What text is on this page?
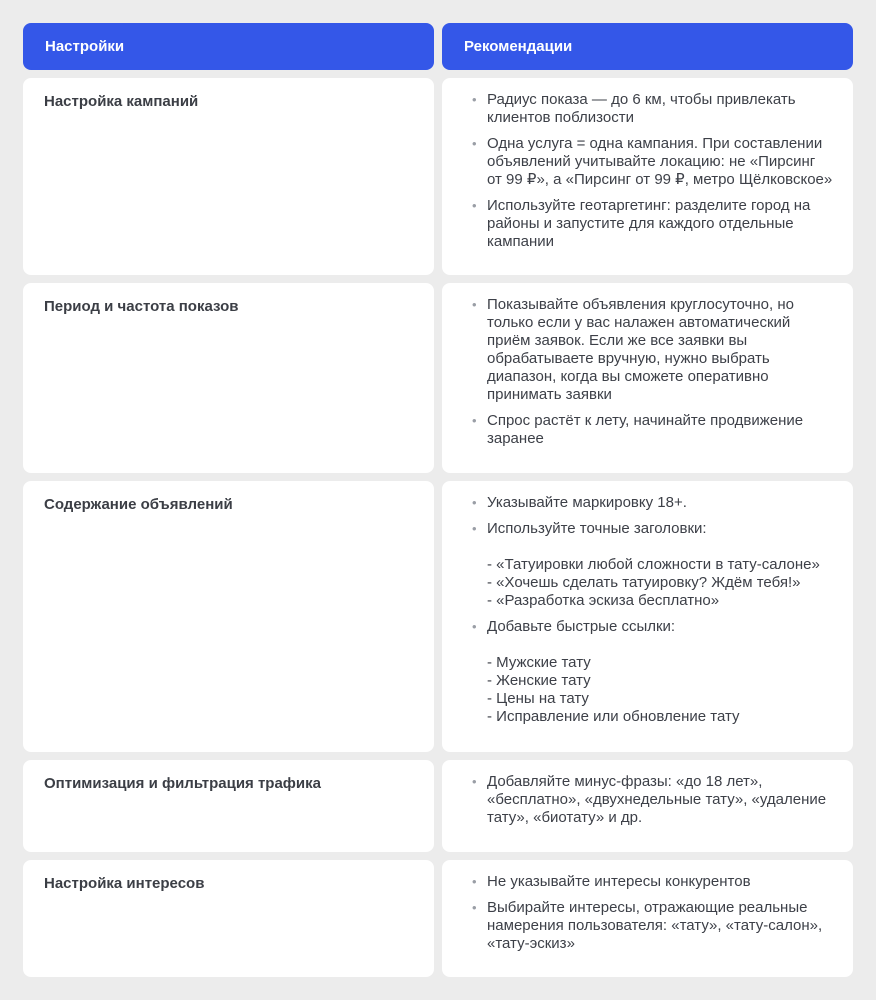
Настройки	Рекомендации
Настройка кампаний	• Радиус показа — до 6 км, чтобы привлекать клиентов поблизости
• Одна услуга = одна кампания. При составлении объявлений учитывайте локацию: не «Пирсинг от 99 ₽», а «Пирсинг от 99 ₽, метро Щёлковское»
• Используйте геотаргетинг: разделите город на районы и запустите для каждого отдельные кампании
Период и частота показов	• Показывайте объявления круглосуточно, но только если у вас налажен автоматический приём заявок. Если же все заявки вы обрабатываете вручную, нужно выбрать диапазон, когда вы сможете оперативно принимать заявки
• Спрос растёт к лету, начинайте продвижение заранее
Содержание объявлений	• Указывайте маркировку 18+.
• Используйте точные заголовки:
- «Татуировки любой сложности в тату-салоне»
- «Хочешь сделать татуировку? Ждём тебя!»
- «Разработка эскиза бесплатно»
• Добавьте быстрые ссылки:
- Мужские тату
- Женские тату
- Цены на тату
- Исправление или обновление тату
Оптимизация и фильтрация трафика	• Добавляйте минус-фразы: «до 18 лет», «бесплатно», «двухнедельные тату», «удаление тату», «биотату» и др.
Настройка интересов	• Не указывайте интересы конкурентов
• Выбирайте интересы, отражающие реальные намерения пользователя: «тату», «тату-салон», «тату-эскиз»
